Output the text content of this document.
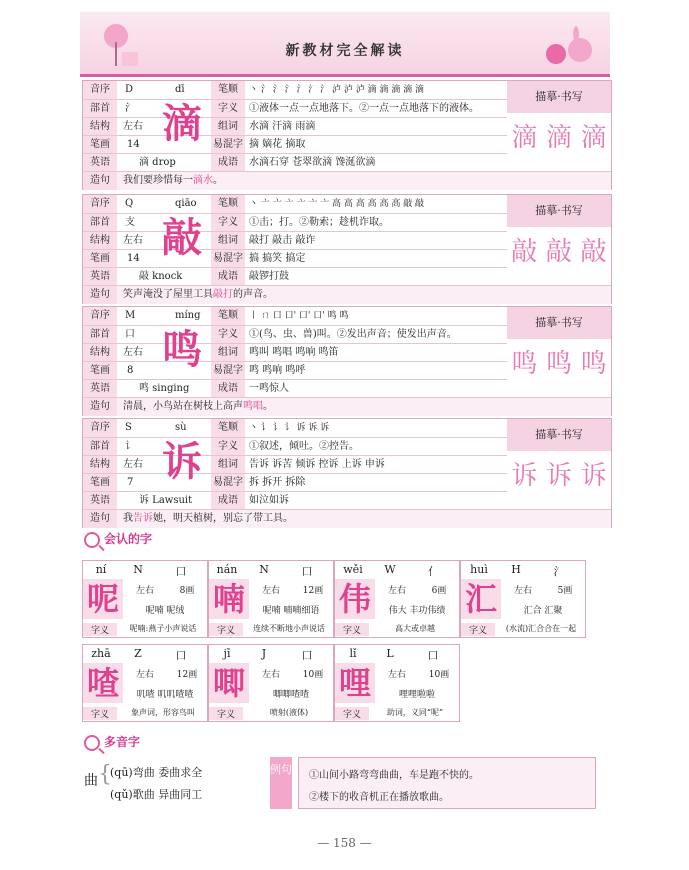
新教材完全解读
音序	D	dī	笔顺	丶 氵 氵 氵 氵 氵 氵 泸 泸 泸 滴 滴 滴 滴 滴
部首	氵	字义	①液体一点一点地落下。②一点一点地落下的液体。
结构	左右	组词	水滴 汗滴 雨滴
笔画	14	易混字 摘 嫡花 摘取
英语	滴 drop	成语	水滴石穿 苍翠欲滴 馋涎欲滴
滴
描摹·书写
滴 滴 滴
造句	我们要珍惜每一滴水。
音序	Q	qiāo	笔顺	丶 亠 亠 亠 亠 亠 亠 高 高 高 高 高 高 敲 敲
部首	支	字义	①击；打。②勒索；趁机诈取。
结构	左右	组词	敲打 敲击 敲诈
笔画	14	易混字 搞 搞笑 搞定
英语	敲 knock	成语	敲锣打鼓
敲
描摹·书写
敲 敲 敲
造句	笑声淹没了屋里工具敲打的声音。
音序	M	míng	笔顺	丨 ㄇ 口 口' 口' 口' 鸣 鸣
部首	口	字义	①(鸟、虫、兽)叫。②发出声音；使发出声音。
结构	左右	组词	鸣叫 鸣唱 鸣响 鸣笛
笔画	8	易混字 鸣 鸣响 鸣呼
英语	鸣 singing	成语	一鸣惊人
鸣
描摹·书写
鸣 鸣 鸣
造句	清晨，小鸟站在树枝上高声鸣唱。
音序	S	sù	笔顺	丶 讠 讠 讠 诉 诉 诉
部首	讠	字义	①叙述，倾吐。②控告。
结构	左右	组词	告诉 诉苦 倾诉 控诉 上诉 申诉
笔画	7	易混字 拆 拆开 拆除
英语	诉 Lawsuit	成语	如泣如诉
诉
描摹·书写
诉 诉 诉
造句	我告诉她，明天植树，别忘了带工具。
会认的字
ní	N	口
呢	左右	8画
呢喃 呢绒
字义	呢喃:燕子小声说话
nán	N	口
喃	左右	12画
呢喃 喃喃细语
字义	连续不断地小声说话
wěi	W	亻
伟	左右	6画
伟大 丰功伟绩
字义	高大或卓越
huì	H	氵
汇	左右	5画
汇合 汇聚
字义	(水流)汇合合在一起
zhā	Z	口
喳	左右	12画
叽喳 叽叽喳喳
字义	象声词，形容鸟叫
jī	J	口
唧	左右	10画
唧唧喳喳
字义	喷射(液体)
lǐ	L	口
哩	左右	10画
哩哩啦啦
字义	助词，义同“呢”
多音字
曲 {
(qū)弯曲 委曲求全
(qǔ)歌曲 异曲同工
例句 ①山间小路弯弯曲曲，车是跑不快的。
②楼下的收音机正在播放歌曲。
— 158 —
